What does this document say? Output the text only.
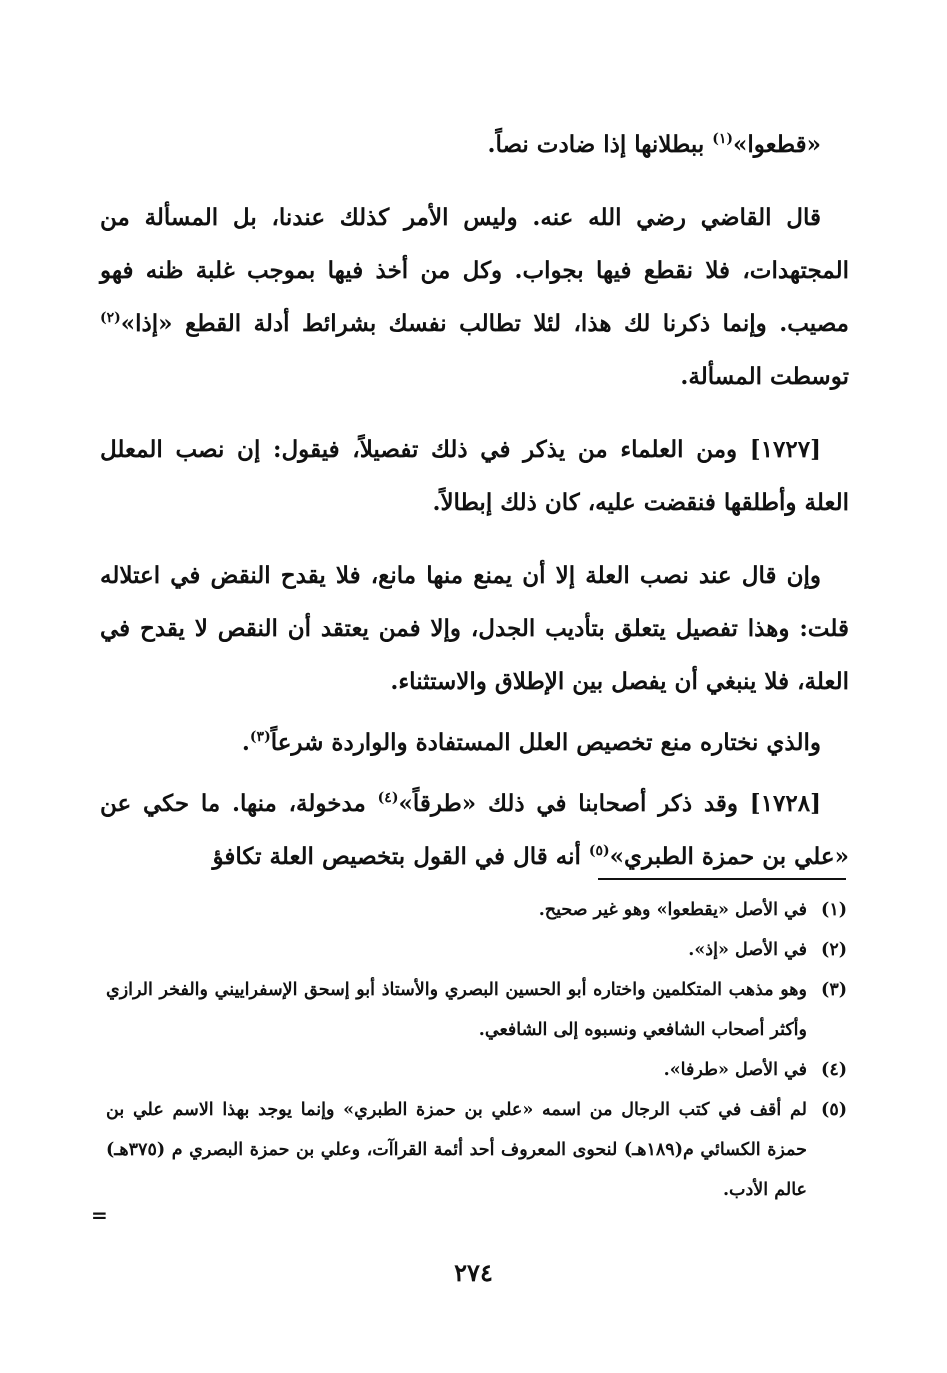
«قطعوا»$^{(١)}$ ببطلانها إذا ضادت نصاً.

قال القاضي رضي الله عنه. وليس الأمر كذلك عندنا، بل المسألة من المجتهدات، فلا نقطع فيها بجواب. وكل من أخذ فيها بموجب غلبة ظنه فهو مصيب. وإنما ذكرنا لك هذا، لئلا تطالب نفسك بشرائط أدلة القطع «إذا»$^{(٢)}$ توسطت المسألة.

[١٧٢٧] ومن العلماء من يذكر في ذلك تفصيلاً، فيقول: إن نصب المعلل العلة وأطلقها فنقضت عليه، كان ذلك إبطالاً.

وإن قال عند نصب العلة إلا أن يمنع منها مانع، فلا يقدح النقض في اعتلاله قلت: وهذا تفصيل يتعلق بتأديب الجدل، وإلا فمن يعتقد أن النقص لا يقدح في العلة، فلا ينبغي أن يفصل بين الإطلاق والاستثناء.

والذي نختاره منع تخصيص العلل المستفادة والواردة شرعاً$^{(٣)}$.

[١٧٢٨] وقد ذكر أصحابنا في ذلك «طرقاً»$^{(٤)}$ مدخولة، منها. ما حكي عن «علي بن حمزة الطبري»$^{(٥)}$ أنه قال في القول بتخصيص العلة تكافؤ

(١)
في الأصل «يقطعوا» وهو غير صحيح.
(٢)
في الأصل «إذ».
(٣)
وهو مذهب المتكلمين واختاره أبو الحسين البصري والأستاذ أبو إسحق الإسفراييني والفخر الرازي وأكثر أصحاب الشافعي ونسبوه إلى الشافعي.
(٤)
في الأصل «طرفا».
(٥)
لم أقف في كتب الرجال من اسمه «علي بن حمزة الطبري» وإنما يوجد بهذا الاسم علي بن حمزة الكسائي م(١٨٩هـ) لنحوى المعروف أحد أئمة القراآت، وعلي بن حمزة البصري م (٣٧٥هـ) عالم الأدب.
=
٢٧٤
